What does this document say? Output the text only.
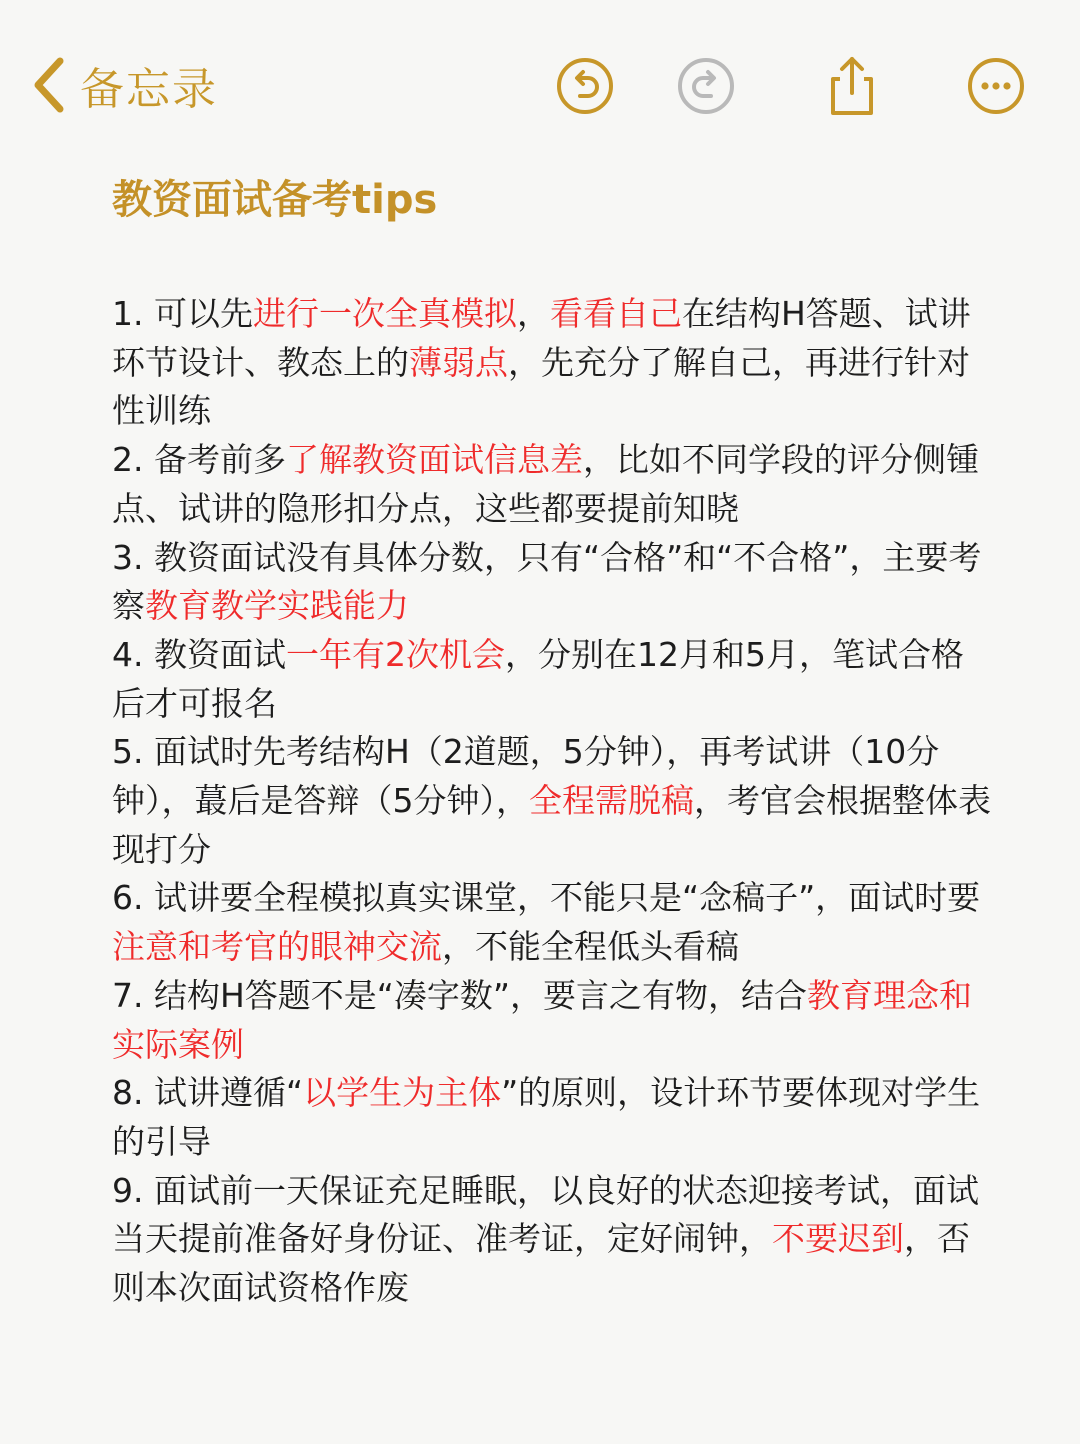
备忘录
教资面试备考tips

1. 可以先进行一次全真模拟，看看自己在结构H答题、试讲环节设计、教态上的薄弱点，先充分了解自己，再进行针对性训练

2. 备考前多了解教资面试信息差，比如不同学段的评分侧锺点、试讲的隐形扣分点，这些都要提前知晓

3. 教资面试没有具体分数，只有“合格”和“不合格”，主要考察教育教学实践能力

4. 教资面试一年有2次机会，分别在12月和5月，笔试合格后才可报名

5. 面试时先考结构H（2道题，5分钟），再考试讲（10分钟），蕞后是答辩（5分钟），全程需脱稿，考官会根据整体表现打分

6. 试讲要全程模拟真实课堂，不能只是“念稿子”，面试时要注意和考官的眼神交流，不能全程低头看稿

7. 结构H答题不是“凑字数”，要言之有物，结合教育理念和实际案例

8. 试讲遵循“以学生为主体”的原则，设计环节要体现对学生的引导

9. 面试前一天保证充足睡眠，以良好的状态迎接考试，面试当天提前准备好身份证、准考证，定好闹钟，不要迟到，否则本次面试资格作废
